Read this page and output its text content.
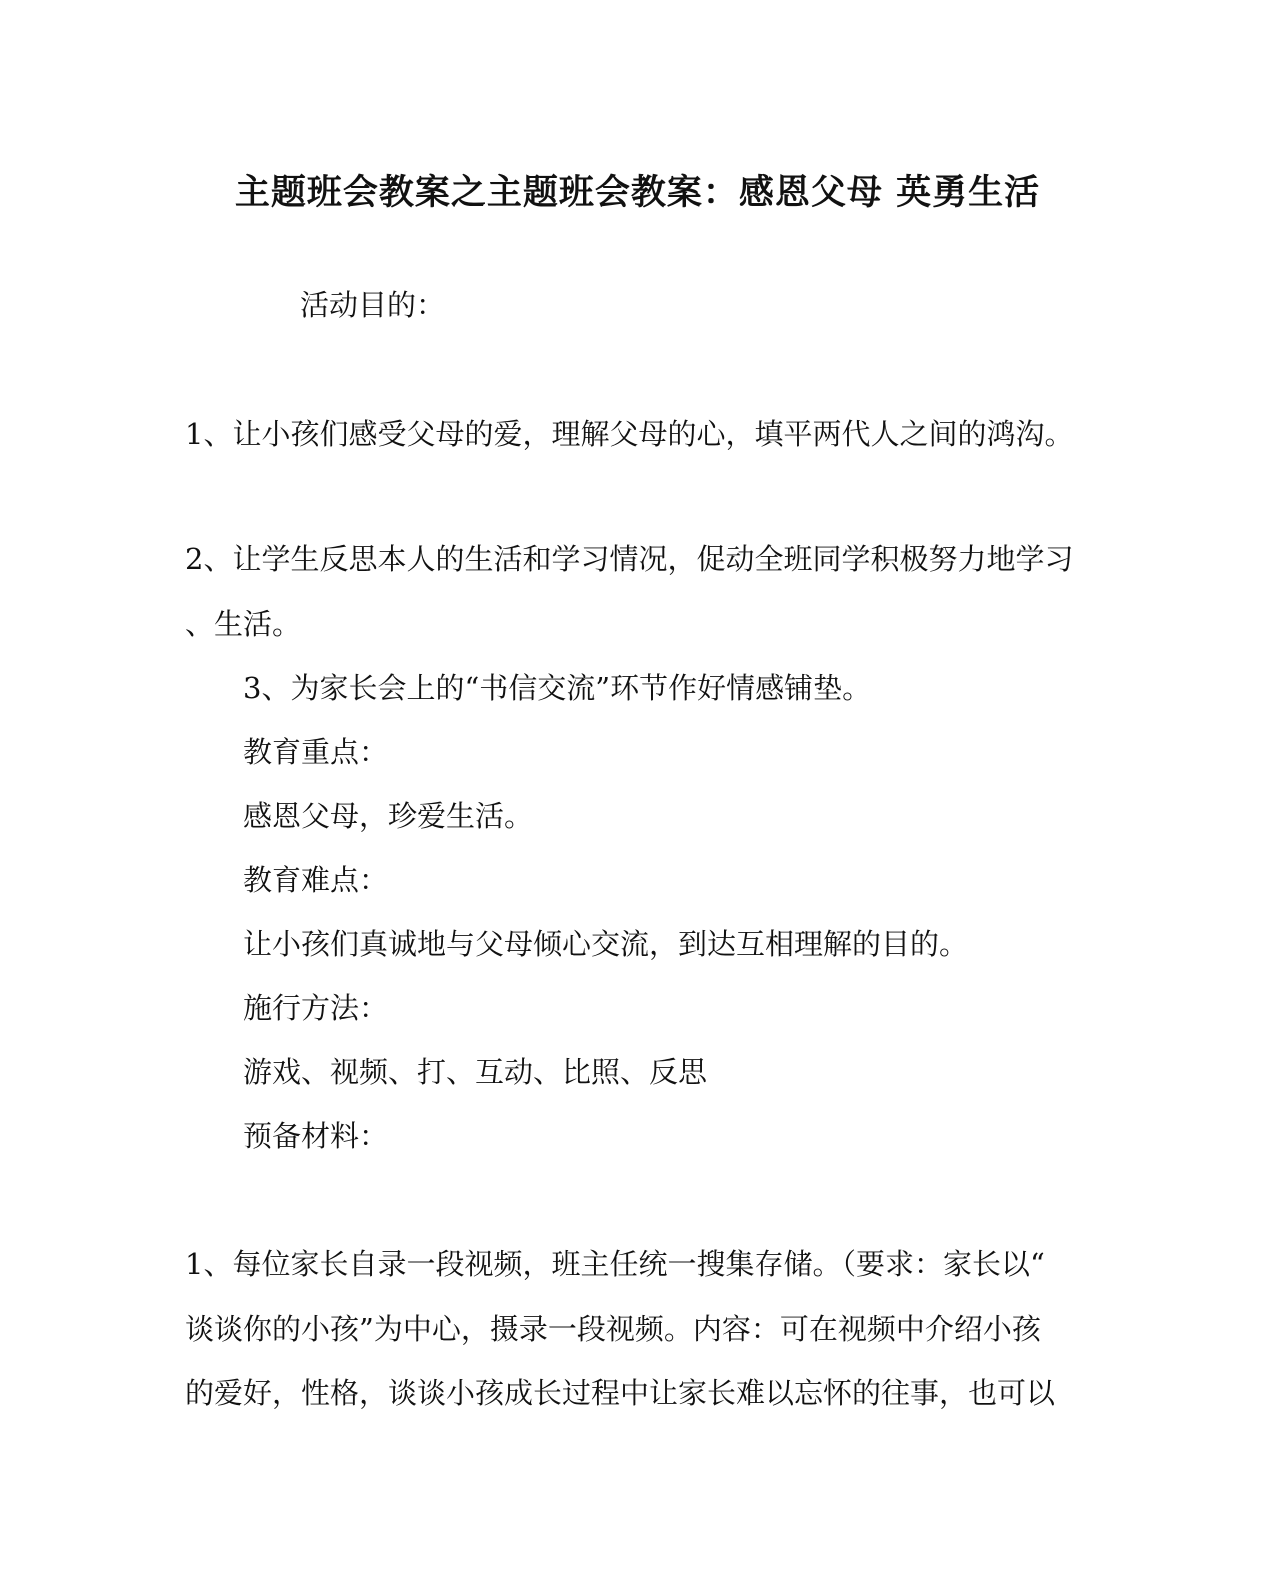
主题班会教案之主题班会教案：感恩父母 英勇生活
活动目的：
1、让小孩们感受父母的爱，理解父母的心，填平两代人之间的鸿沟。
2、让学生反思本人的生活和学习情况，促动全班同学积极努力地学习
、生活。
3、为家长会上的“书信交流”环节作好情感铺垫。
教育重点：
感恩父母，珍爱生活。
教育难点：
让小孩们真诚地与父母倾心交流，到达互相理解的目的。
施行方法：
游戏、视频、打、互动、比照、反思
预备材料：
1、每位家长自录一段视频，班主任统一搜集存储。（要求：家长以“
谈谈你的小孩”为中心，摄录一段视频。内容：可在视频中介绍小孩
的爱好，性格，谈谈小孩成长过程中让家长难以忘怀的往事，也可以
